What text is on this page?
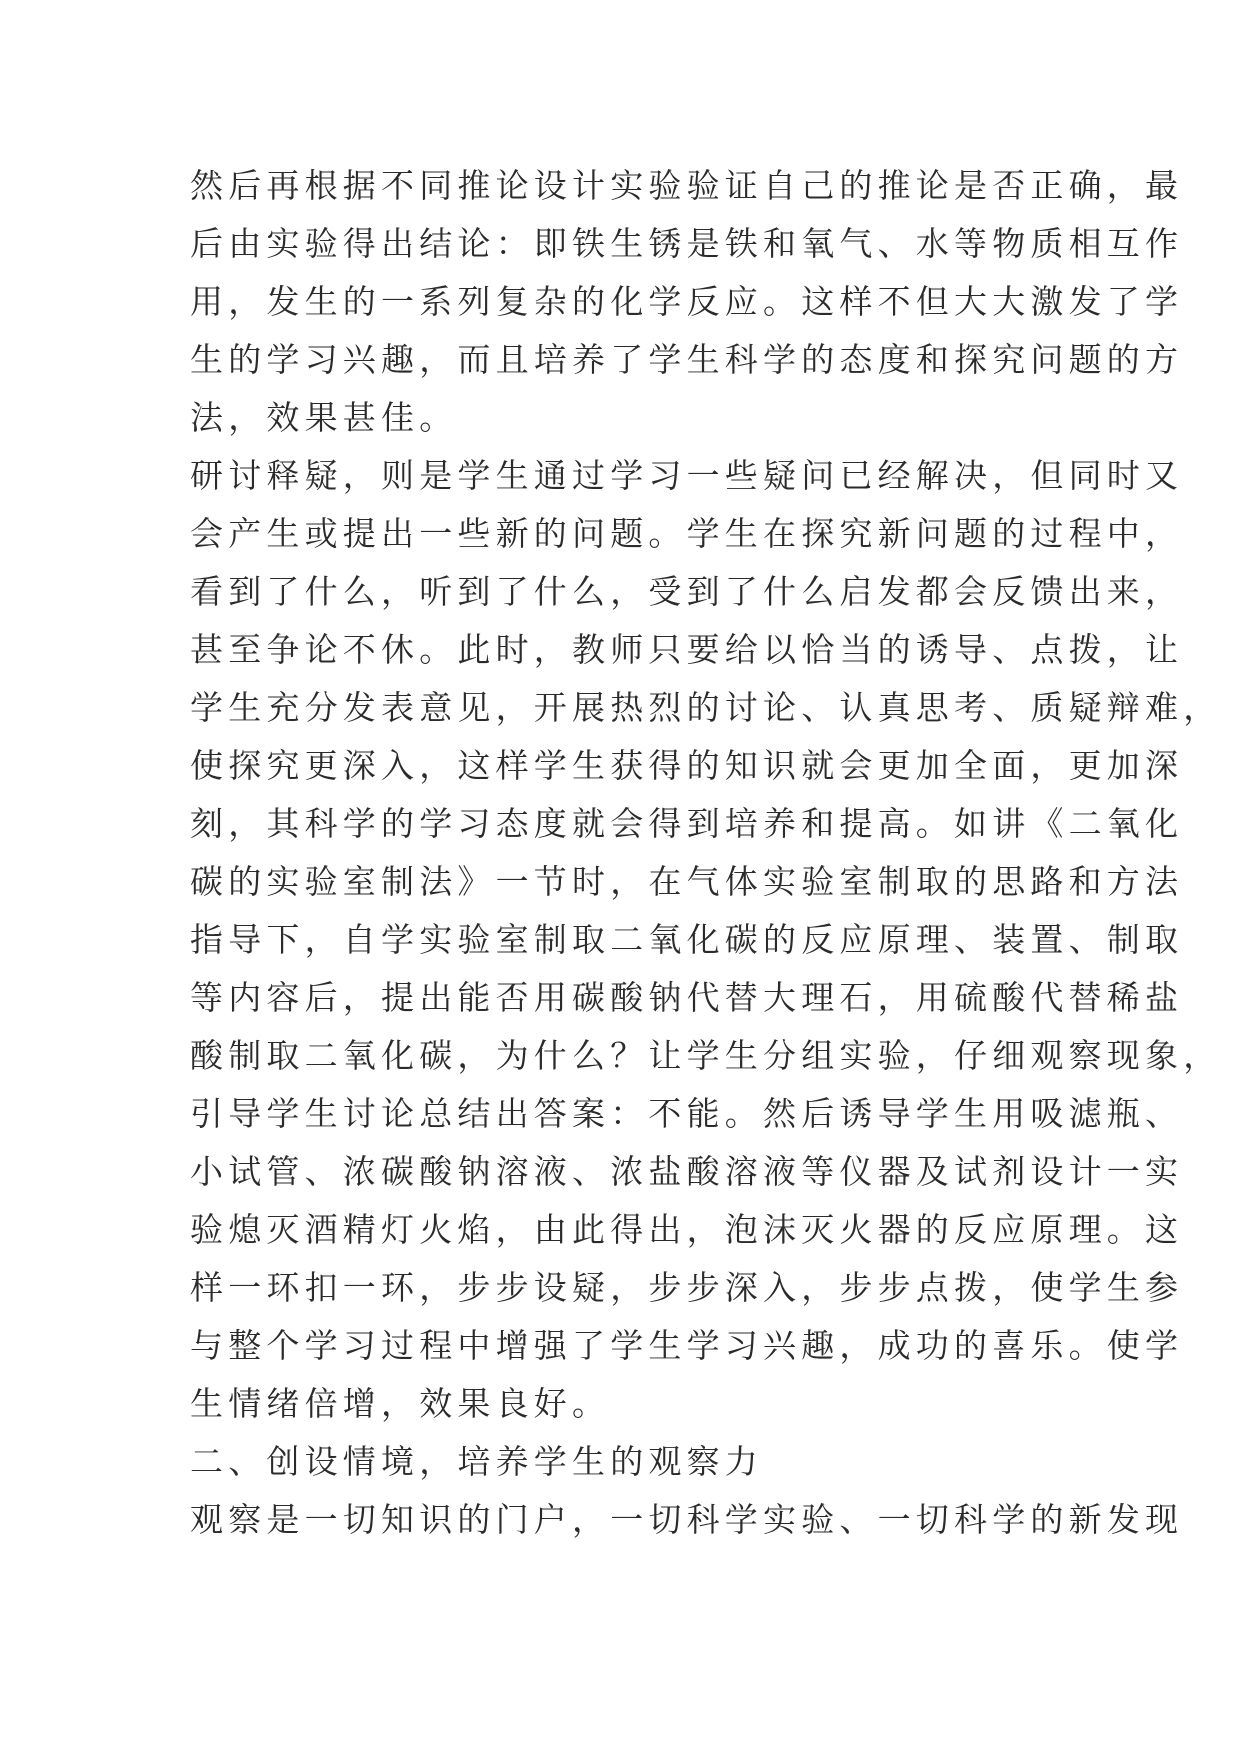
然后再根据不同推论设计实验验证自己的推论是否正确，最
后由实验得出结论：即铁生锈是铁和氧气、水等物质相互作
用，发生的一系列复杂的化学反应。这样不但大大激发了学
生的学习兴趣，而且培养了学生科学的态度和探究问题的方
法，效果甚佳。
研讨释疑，则是学生通过学习一些疑问已经解决，但同时又
会产生或提出一些新的问题。学生在探究新问题的过程中，
看到了什么，听到了什么，受到了什么启发都会反馈出来，
甚至争论不休。此时，教师只要给以恰当的诱导、点拨，让
学生充分发表意见，开展热烈的讨论、认真思考、质疑辩难，
使探究更深入，这样学生获得的知识就会更加全面，更加深
刻，其科学的学习态度就会得到培养和提高。如讲《二氧化
碳的实验室制法》一节时，在气体实验室制取的思路和方法
指导下，自学实验室制取二氧化碳的反应原理、装置、制取
等内容后，提出能否用碳酸钠代替大理石，用硫酸代替稀盐
酸制取二氧化碳，为什么？让学生分组实验，仔细观察现象，
引导学生讨论总结出答案：不能。然后诱导学生用吸滤瓶、
小试管、浓碳酸钠溶液、浓盐酸溶液等仪器及试剂设计一实
验熄灭酒精灯火焰，由此得出，泡沫灭火器的反应原理。这
样一环扣一环，步步设疑，步步深入，步步点拨，使学生参
与整个学习过程中增强了学生学习兴趣，成功的喜乐。使学
生情绪倍增，效果良好。
二、创设情境，培养学生的观察力
观察是一切知识的门户，一切科学实验、一切科学的新发现
